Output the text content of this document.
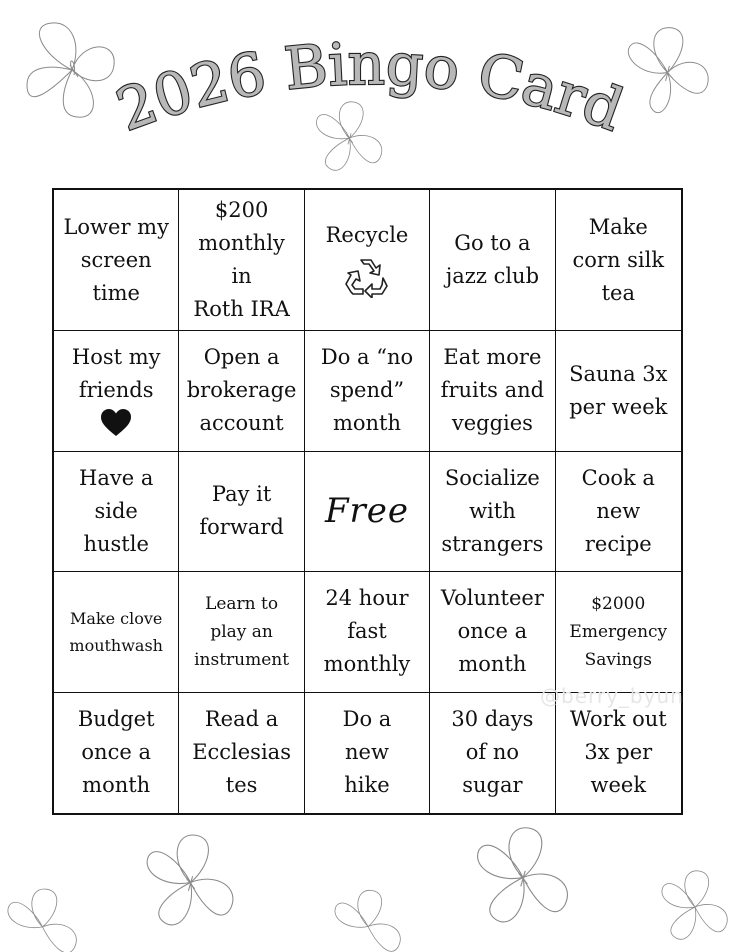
2026 Bingo Card
Lower my
screen
time
$200
monthly in
Roth IRA
Recycle	Go to a
jazz club
Make
corn silk
tea
Host my
friends
Open a
brokerage
account
Do a “no
spend”
month
Eat more
fruits and
veggies
Sauna 3x
per week
Have a
side
hustle
Pay it
forward Free
Socialize
with
strangers
Cook a
new
recipe
Make clove
mouthwash
Learn to
play an
instrument
24 hour
fast
monthly
Volunteer
once a
month
$2000
Emergency
Savings
Budget
once a
month
Read a
Ecclesias
tes
Do a
new
hike
30 days
of no
sugar
Work out
3x per
week
@berry_byun
